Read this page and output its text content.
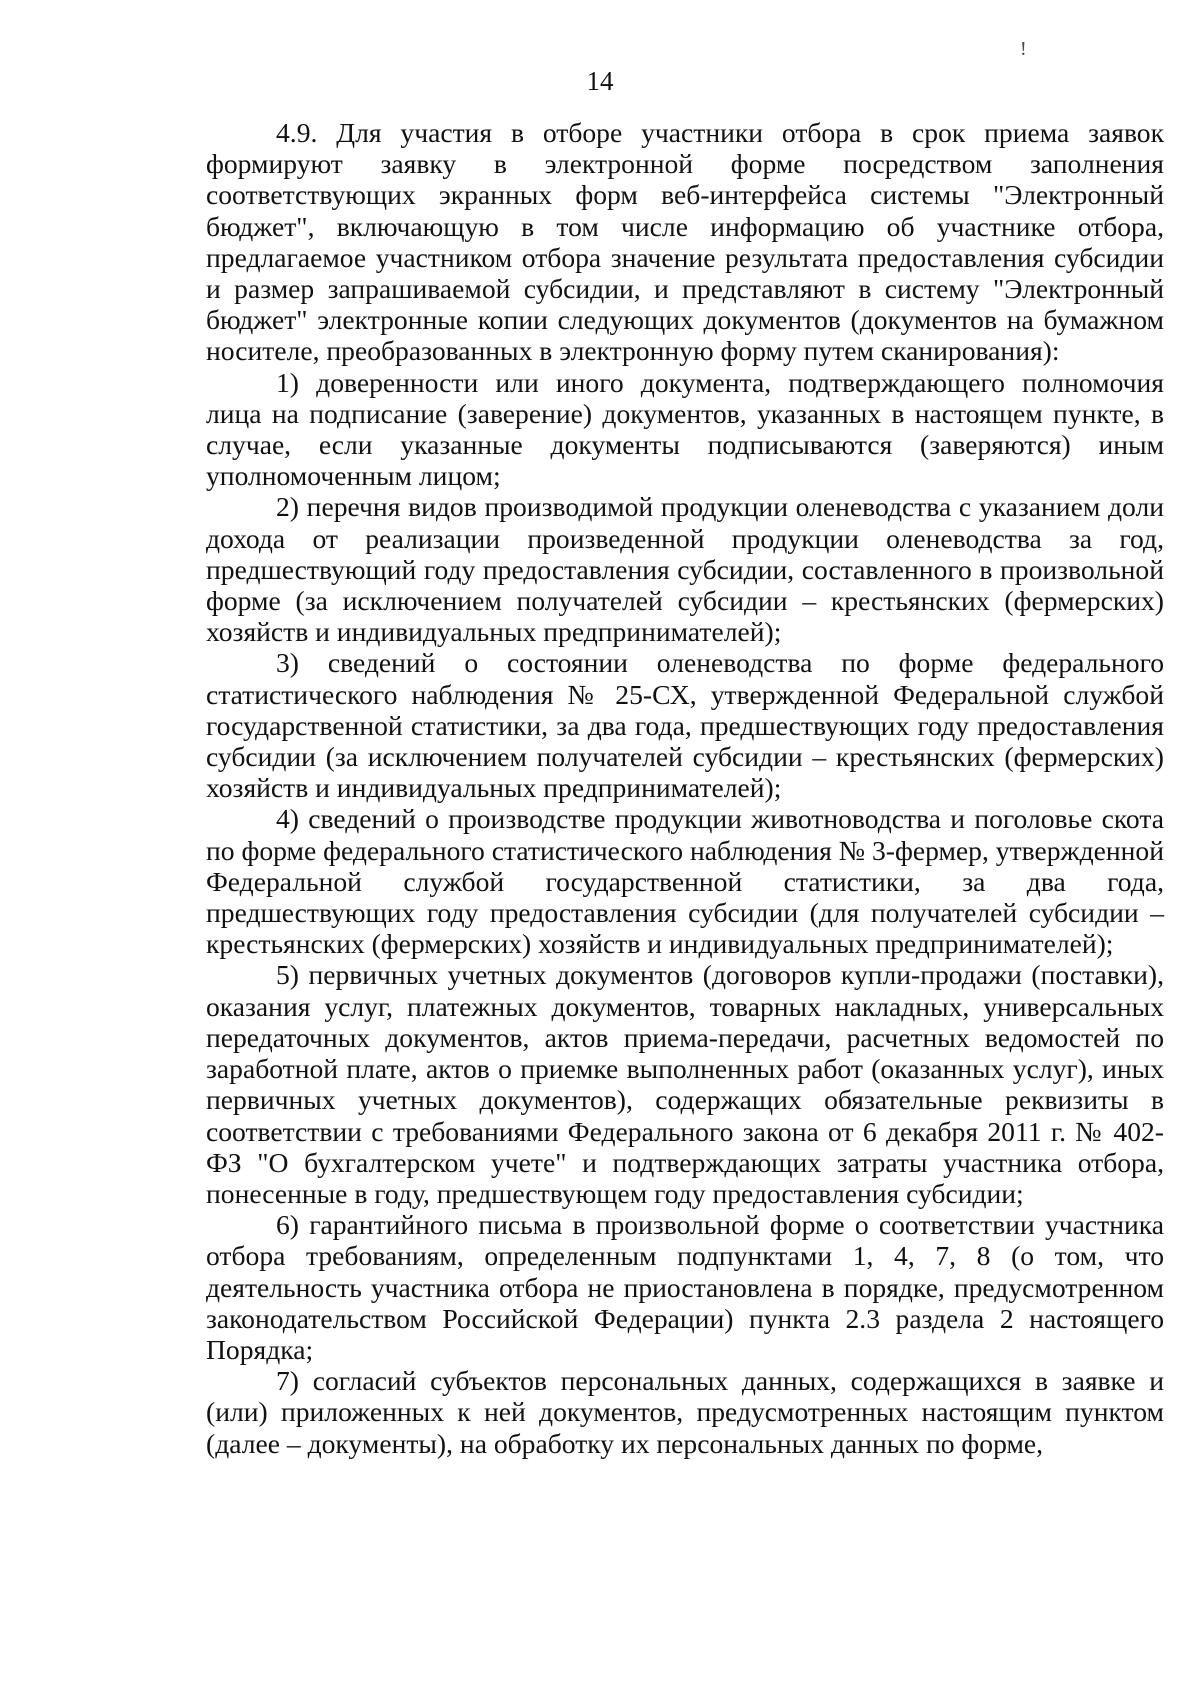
!
14

4.9. Для участия в отборе участники отбора в срок приема заявок формируют заявку в электронной форме посредством заполнения соответствующих экранных форм веб-интерфейса системы "Электронный бюджет", включающую в том числе информацию об участнике отбора, предлагаемое участником отбора значение результата предоставления субсидии и размер запрашиваемой субсидии, и представляют в систему "Электронный бюджет" электронные копии следующих документов (документов на бумажном носителе, преобразованных в электронную форму путем сканирования):

1) доверенности или иного документа, подтверждающего полномочия лица на подписание (заверение) документов, указанных в настоящем пункте, в случае, если указанные документы подписываются (заверяются) иным уполномоченным лицом;

2) перечня видов производимой продукции оленеводства с указанием доли дохода от реализации произведенной продукции оленеводства за год, предшествующий году предоставления субсидии, составленного в произвольной форме (за исключением получателей субсидии – крестьянских (фермерских) хозяйств и индивидуальных предпринимателей);

3) сведений о состоянии оленеводства по форме федерального статистического наблюдения № 25-СХ, утвержденной Федеральной службой государственной статистики, за два года, предшествующих году предоставления субсидии (за исключением получателей субсидии – крестьянских (фермерских) хозяйств и индивидуальных предпринимателей);

4) сведений о производстве продукции животноводства и поголовье скота по форме федерального статистического наблюдения № 3-фермер, утвержденной Федеральной службой государственной статистики, за два года, предшествующих году предоставления субсидии (для получателей субсидии – крестьянских (фермерских) хозяйств и индивидуальных предпринимателей);

5) первичных учетных документов (договоров купли-продажи (поставки), оказания услуг, платежных документов, товарных накладных, универсальных передаточных документов, актов приема-передачи, расчетных ведомостей по заработной плате, актов о приемке выполненных работ (оказанных услуг), иных первичных учетных документов), содержащих обязательные реквизиты в соответствии с требованиями Федерального закона от 6 декабря 2011 г. № 402-ФЗ "О бухгалтерском учете" и подтверждающих затраты участника отбора, понесенные в году, предшествующем году предоставления субсидии;

6) гарантийного письма в произвольной форме о соответствии участника отбора требованиям, определенным подпунктами 1, 4, 7, 8 (о том, что деятельность участника отбора не приостановлена в порядке, предусмотренном законодательством Российской Федерации) пункта 2.3 раздела 2 настоящего Порядка;

7) согласий субъектов персональных данных, содержащихся в заявке и (или) приложенных к ней документов, предусмотренных настоящим пунктом (далее – документы), на обработку их персональных данных по форме,
